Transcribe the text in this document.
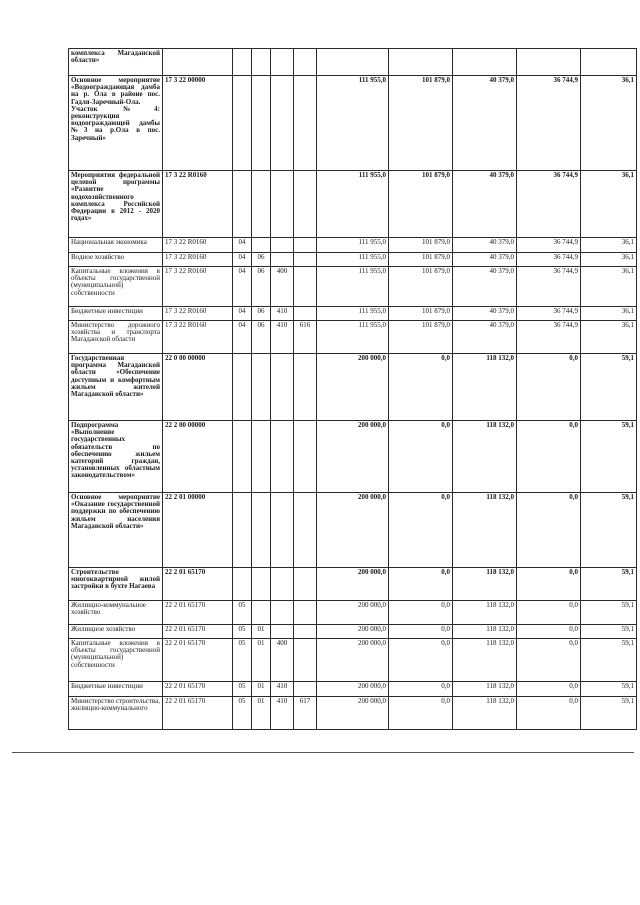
комплекса Магаданской области»										
Основное мероприятие «Водоограждающая дамба на р. Ола в районе пос. Гадля-Заречный-Ола. Участок №4: реконструкция водоограждающей дамбы №3 на р.Ола в пос. Заречный»	17 3 22 00000					111 955,0	101 879,0	40 379,0	36 744,9	36,1
Мероприятия федеральной целевой программы «Развитие водохозяйственного комплекса Российской Федерации в 2012 - 2020 годах»	17 3 22 R0160					111 955,0	101 879,0	40 379,0	36 744,9	36,1
Национальная экономика	17 3 22 R0160	04				111 955,0	101 879,0	40 379,0	36 744,9	36,1
Водное хозяйство	17 3 22 R0160	04	06			111 955,0	101 879,0	40 379,0	36 744,9	36,1
Капитальные вложения в объекты государственной (муниципальной) собственности	17 3 22 R0160	04	06	400		111 955,0	101 879,0	40 379,0	36 744,9	36,1
Бюджетные инвестиции	17 3 22 R0160	04	06	410		111 955,0	101 879,0	40 379,0	36 744,9	36,1
Министерство дорожного хозяйства и транспорта Магаданской области	17 3 22 R0160	04	06	410	616	111 955,0	101 879,0	40 379,0	36 744,9	36,1
Государственная программа Магаданской области «Обеспечение доступным и комфортным жильем жителей Магаданской области»	22 0 00 00000					200 000,0	0,0	118 132,0	0,0	59,1
Подпрограмма «Выполнение государственных обязательств по обеспечению жильем категорий граждан, установленных областным законодательством»	22 2 00 00000					200 000,0	0,0	118 132,0	0,0	59,1
Основное мероприятие «Оказание государственной поддержки по обеспечению жильем населения Магаданской области»	22 2 01 00000					200 000,0	0,0	118 132,0	0,0	59,1
Строительство многоквартирной жилой застройки в бухте Нагаева	22 2 01 65170					200 000,0	0,0	118 132,0	0,0	59,1
Жилищно-коммунальное хозяйство	22 2 01 65170	05				200 000,0	0,0	118 132,0	0,0	59,1
Жилищное хозяйство	22 2 01 65170	05	01			200 000,0	0,0	118 132,0	0,0	59,1
Капитальные вложения в объекты государственной (муниципальной) собственности	22 2 01 65170	05	01	400		200 000,0	0,0	118 132,0	0,0	59,1
Бюджетные инвестиции	22 2 01 65170	05	01	410		200 000,0	0,0	118 132,0	0,0	59,1
Министерство строительства, жилищно-коммунального	22 2 01 65170	05	01	410	617	200 000,0	0,0	118 132,0	0,0	59,1
